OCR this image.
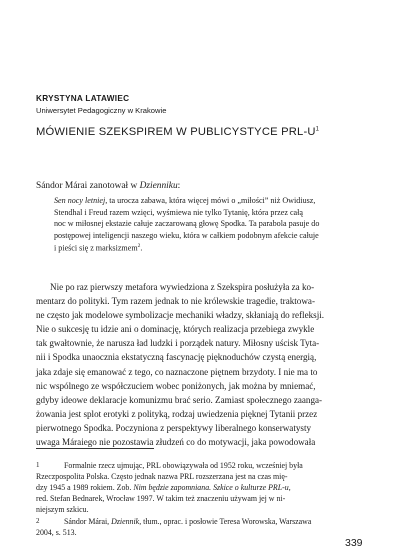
KRYSTYNA LATAWIEC
Uniwersytet Pedagogiczny w Krakowie
MÓWIENIE SZEKSPIREM W PUBLICYSTYCE PRL-$U^1$
Sándor Márai zanotował w Dzienniku:
Sen nocy letniej, ta urocza zabawa, która więcej mówi o „miłości” niż Owidiusz,
Stendhal i Freud razem wzięci, wyśmiewa nie tylko Tytanię, która przez całą
noc w miłosnej ekstazie całuje zaczarowaną głowę Spodka. Ta parabola pasuje do
postępowej inteligencji naszego wieku, która w całkiem podobnym afekcie całuje
i pieści się z marksizmem$^2$.
Nie po raz pierwszy metafora wywiedziona z Szekspira posłużyła za ko-
mentarz do polityki. Tym razem jednak to nie królewskie tragedie, traktowa-
ne często jak modelowe symbolizacje mechaniki władzy, skłaniają do refleksji.
Nie o sukcesję tu idzie ani o dominację, których realizacja przebiega zwykle
tak gwałtownie, że narusza ład ludzki i porządek natury. Miłosny uścisk Tyta-
nii i Spodka unaocznia ekstatyczną fascynację pięknoduchów czystą energią,
jaka zdaje się emanować z tego, co naznaczone piętnem brzydoty. I nie ma to
nic wspólnego ze współczuciem wobec poniżonych, jak można by mniemać,
gdyby ideowe deklaracje komunizmu brać serio. Zamiast społecznego zaanga-
żowania jest splot erotyki z polityką, rodzaj uwiedzenia pięknej Tytanii przez
pierwotnego Spodka. Poczyniona z perspektywy liberalnego konserwatysty
uwaga Máraiego nie pozostawia złudzeń co do motywacji, jaka powodowała
1	Formalnie rzecz ujmując, PRL obowiązywała od 1952 roku, wcześniej była
Rzeczpospolita Polska. Często jednak nazwa PRL rozszerzana jest na czas mię-
dzy 1945 a 1989 rokiem. Zob. Nim będzie zapomniana. Szkice o kulturze PRL-u,
red. Stefan Bednarek, Wrocław 1997. W takim też znaczeniu używam jej w ni-
niejszym szkicu.
2	Sándor Márai, Dziennik, tłum., oprac. i posłowie Teresa Worowska, Warszawa
2004, s. 513.
339
